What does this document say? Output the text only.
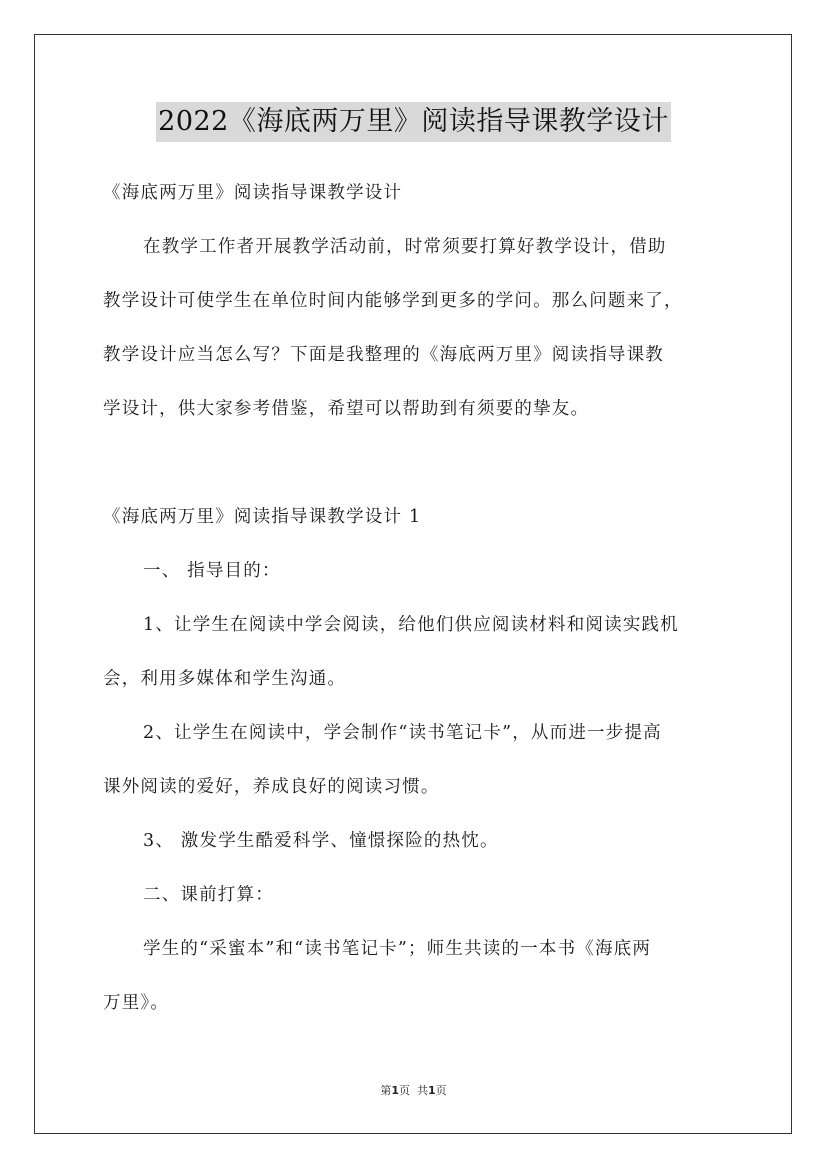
2022《海底两万里》阅读指导课教学设计
《海底两万里》阅读指导课教学设计
在教学工作者开展教学活动前，时常须要打算好教学设计，借助
教学设计可使学生在单位时间内能够学到更多的学问。那么问题来了，
教学设计应当怎么写？下面是我整理的《海底两万里》阅读指导课教
学设计，供大家参考借鉴，希望可以帮助到有须要的挚友。
《海底两万里》阅读指导课教学设计 1
一、 指导目的：
1、让学生在阅读中学会阅读，给他们供应阅读材料和阅读实践机
会，利用多媒体和学生沟通。
2、让学生在阅读中，学会制作“读书笔记卡”，从而进一步提高
课外阅读的爱好，养成良好的阅读习惯。
3、 激发学生酷爱科学、憧憬探险的热忱。
二、课前打算：
学生的“采蜜本”和“读书笔记卡”；师生共读的一本书《海底两
万里》。
第1页 共1页
